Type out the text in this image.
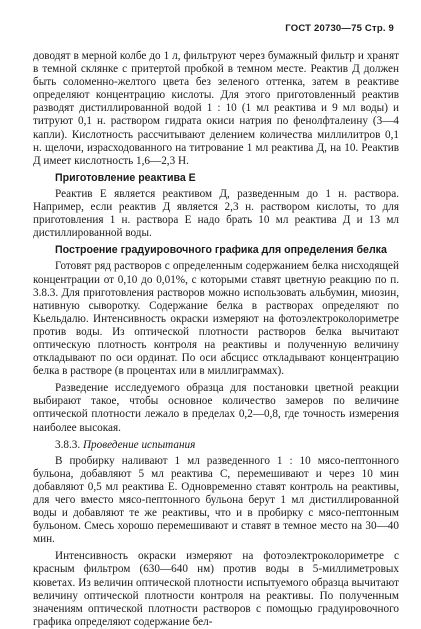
ГОСТ 20730—75 Стр. 9

доводят в мерной колбе до 1 л, фильтруют через бумажный фильтр и хранят в темной склянке с притертой пробкой в темном месте. Реактив Д должен быть соломенно-желтого цвета без зеленого оттенка, затем в реактиве определяют концентрацию кислоты. Для этого приготовленный реактив разводят дистиллированной водой 1 : 10 (1 мл реактива и 9 мл воды) и титруют 0,1 н. раствором гидрата окиси натрия по фенолфталеину (3—4 капли). Кислотность рассчитывают делением количества миллилитров 0,1 н. щелочи, израсходованного на титрование 1 мл реактива Д, на 10. Реактив Д имеет кислотность 1,6—2,3 Н.

Приготовление реактива Е

Реактив Е является реактивом Д, разведенным до 1 н. раствора. Например, если реактив Д является 2,3 н. раствором кислоты, то для приготовления 1 н. раствора Е надо брать 10 мл реактива Д и 13 мл дистиллированной воды.

Построение градуировочного графика для определения белка

Готовят ряд растворов с определенным содержанием белка нисходящей концентрации от 0,10 до 0,01%, с которыми ставят цветную реакцию по п. 3.8.3. Для приготовления растворов можно использовать альбумин, миозин, нативную сыворотку. Содержание белка в растворах определяют по Кьельдалю. Интенсивность окраски измеряют на фотоэлектроколориметре против воды. Из оптической плотности растворов белка вычитают оптическую плотность контроля на реактивы и полученную величину откладывают по оси ординат. По оси абсцисс откладывают концентрацию белка в растворе (в процентах или в миллиграммах).

Разведение исследуемого образца для постановки цветной реакции выбирают такое, чтобы основное количество замеров по величине оптической плотности лежало в пределах 0,2—0,8, где точность измерения наиболее высокая.

3.8.3. Проведение испытания

В пробирку наливают 1 мл разведенного 1 : 10 мясо-пептонного бульона, добавляют 5 мл реактива С, перемешивают и через 10 мин добавляют 0,5 мл реактива Е. Одновременно ставят контроль на реактивы, для чего вместо мясо-пептонного бульона берут 1 мл дистиллированной воды и добавляют те же реактивы, что и в пробирку с мясо-пептонным бульоном. Смесь хорошо перемешивают и ставят в темное место на 30—40 мин.

Интенсивность окраски измеряют на фотоэлектроколориметре с красным фильтром (630—640 нм) против воды в 5-миллиметровых кюветах. Из величин оптической плотности испытуемого образца вычитают величину оптической плотности контроля на реактивы. По полученным значениям оптической плотности растворов с помощью градуировочного графика определяют содержание бел-
